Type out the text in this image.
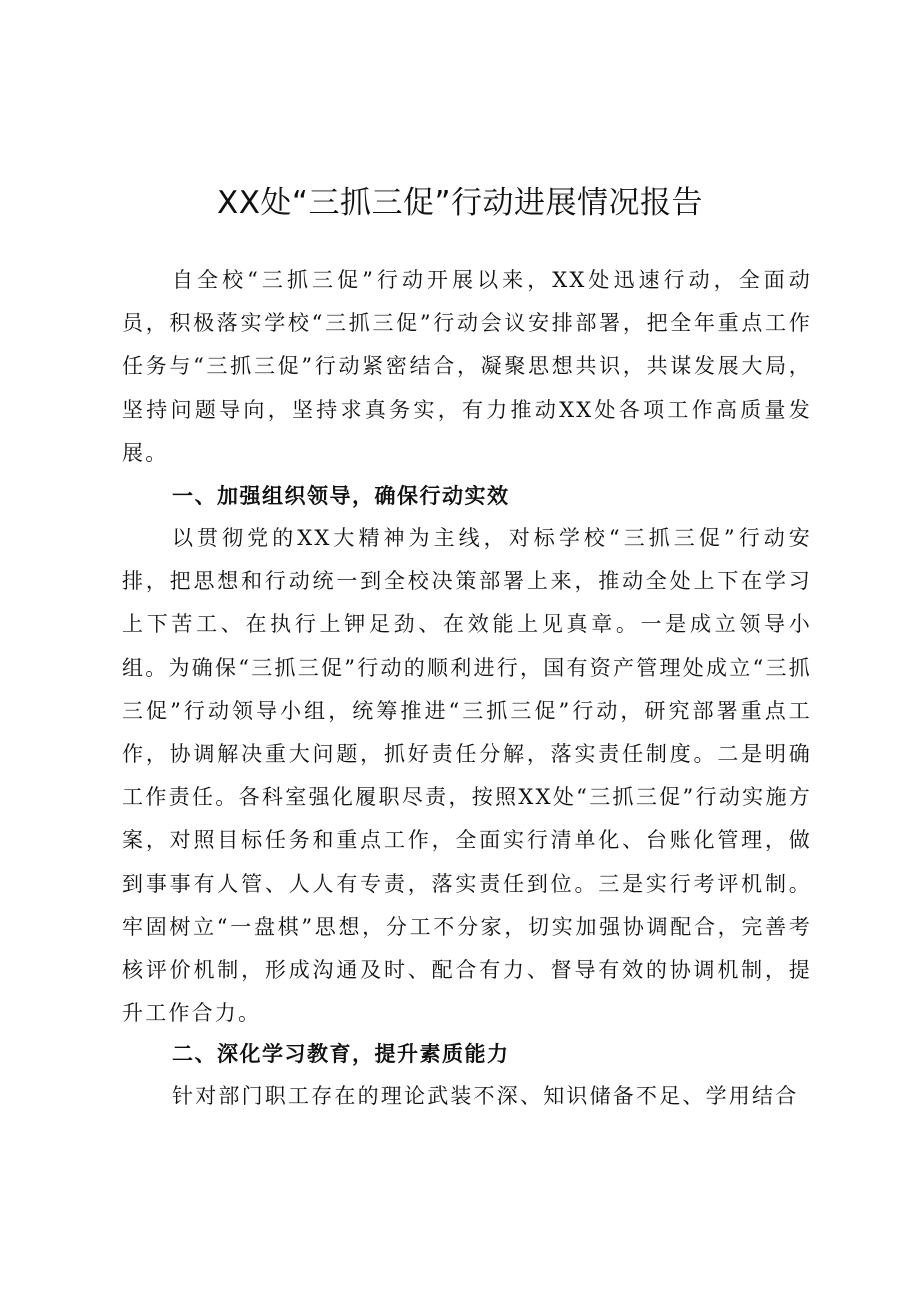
XX处“三抓三促”行动进展情况报告

自全校“三抓三促”行动开展以来，XX处迅速行动，全面动员，积极落实学校“三抓三促”行动会议安排部署，把全年重点工作任务与“三抓三促”行动紧密结合，凝聚思想共识，共谋发展大局，坚持问题导向，坚持求真务实，有力推动XX处各项工作高质量发展。

一、加强组织领导，确保行动实效

以贯彻党的XX大精神为主线，对标学校“三抓三促”行动安排，把思想和行动统一到全校决策部署上来，推动全处上下在学习上下苦工、在执行上钾足劲、在效能上见真章。一是成立领导小组。为确保“三抓三促”行动的顺利进行，国有资产管理处成立“三抓三促”行动领导小组，统筹推进“三抓三促”行动，研究部署重点工作，协调解决重大问题，抓好责任分解，落实责任制度。二是明确工作责任。各科室强化履职尽责，按照XX处“三抓三促”行动实施方案，对照目标任务和重点工作，全面实行清单化、台账化管理，做到事事有人管、人人有专责，落实责任到位。三是实行考评机制。牢固树立“一盘棋”思想，分工不分家，切实加强协调配合，完善考核评价机制，形成沟通及时、配合有力、督导有效的协调机制，提升工作合力。

二、深化学习教育，提升素质能力

针对部门职工存在的理论武装不深、知识储备不足、学用结合
